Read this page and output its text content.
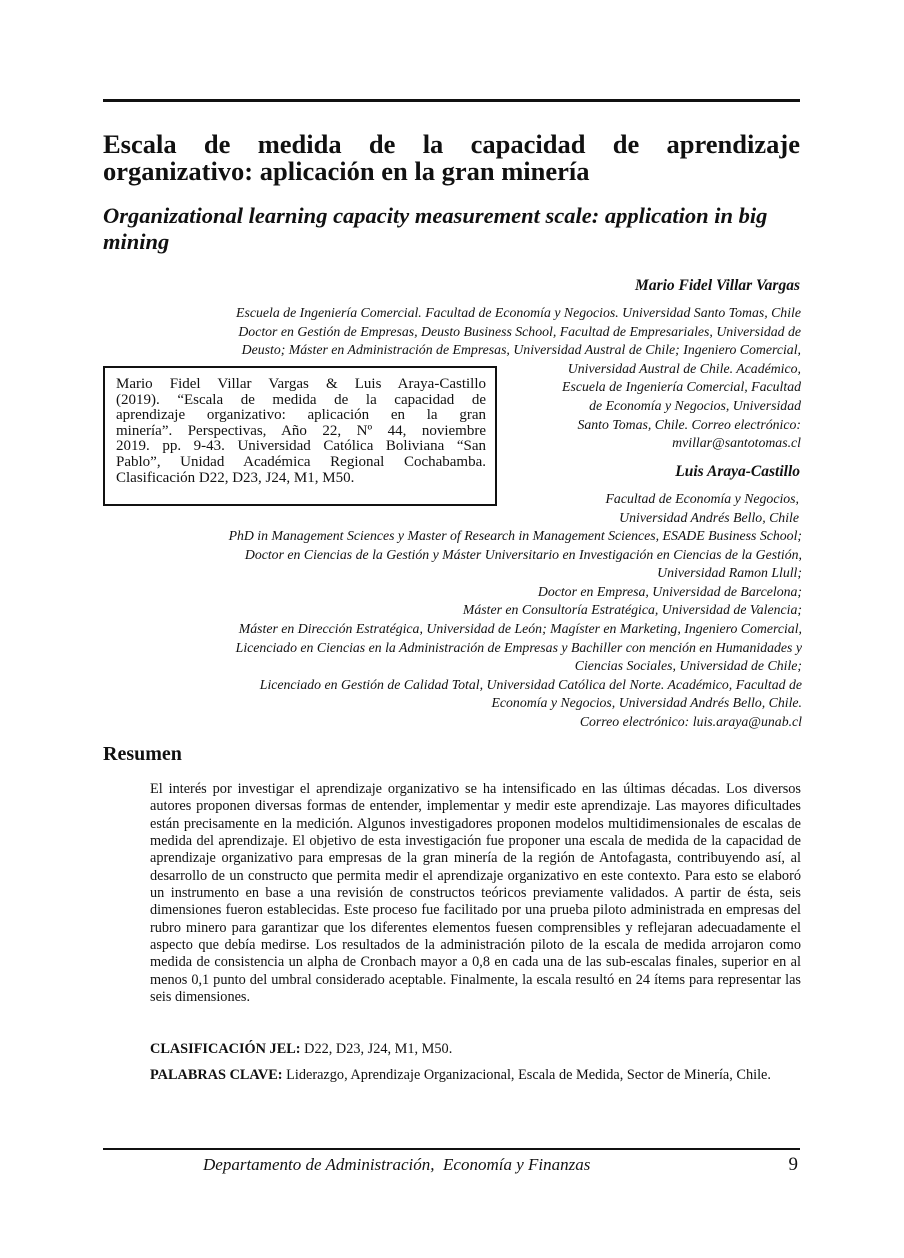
Escala de medida de la capacidad de aprendizaje organizativo: aplicación en la gran minería
Organizational learning capacity measurement scale: application in big mining
Mario Fidel Villar Vargas
Escuela de Ingeniería Comercial. Facultad de Economía y Negocios. Universidad Santo Tomas, Chile
Doctor en Gestión de Empresas, Deusto Business School, Facultad de Empresariales, Universidad de
Deusto; Máster en Administración de Empresas, Universidad Austral de Chile; Ingeniero Comercial,
Universidad Austral de Chile. Académico,
Escuela de Ingeniería Comercial, Facultad
de Economía y Negocios, Universidad
Santo Tomas, Chile. Correo electrónico:
mvillar@santotomas.cl
Mario Fidel Villar Vargas & Luis Araya-Castillo
(2019). “Escala de medida de la capacidad de
aprendizaje organizativo: aplicación en la gran
minería”. Perspectivas, Año 22, Nº 44, noviembre
2019. pp. 9-43. Universidad Católica Boliviana “San
Pablo”, Unidad Académica Regional Cochabamba.
Clasificación D22, D23, J24, M1, M50.	Luis Araya-Castillo
Facultad de Economía y Negocios,
Universidad Andrés Bello, Chile
PhD in Management Sciences y Master of Research in Management Sciences, ESADE Business School;
Doctor en Ciencias de la Gestión y Máster Universitario en Investigación en Ciencias de la Gestión,
Universidad Ramon Llull;
Doctor en Empresa, Universidad de Barcelona;
Máster en Consultoría Estratégica, Universidad de Valencia;
Máster en Dirección Estratégica, Universidad de León; Magíster en Marketing, Ingeniero Comercial,
Licenciado en Ciencias en la Administración de Empresas y Bachiller con mención en Humanidades y
Ciencias Sociales, Universidad de Chile;
Licenciado en Gestión de Calidad Total, Universidad Católica del Norte. Académico, Facultad de
Economía y Negocios, Universidad Andrés Bello, Chile.
Correo electrónico: luis.araya@unab.cl
Resumen

El interés por investigar el aprendizaje organizativo se ha intensificado en las últimas décadas. Los diversos autores proponen diversas formas de entender, implementar y medir este aprendizaje. Las mayores dificultades están precisamente en la medición. Algunos investigadores proponen modelos multidimensionales de escalas de medida del aprendizaje. El objetivo de esta investigación fue proponer una escala de medida de la capacidad de aprendizaje organizativo para empresas de la gran minería de la región de Antofagasta, contribuyendo así, al desarrollo de un constructo que permita medir el aprendizaje organizativo en este contexto. Para esto se elaboró un instrumento en base a una revisión de constructos teóricos previamente validados. A partir de ésta, seis dimensiones fueron establecidas. Este proceso fue facilitado por una prueba piloto administrada en empresas del rubro minero para garantizar que los diferentes elementos fuesen comprensibles y reflejaran adecuadamente el aspecto que debía medirse. Los resultados de la administración piloto de la escala de medida arrojaron como medida de consistencia un alpha de Cronbach mayor a 0,8 en cada una de las sub-escalas finales, superior en al menos 0,1 punto del umbral considerado aceptable. Finalmente, la escala resultó en 24 ítems para representar las seis dimensiones.

CLASIFICACIÓN JEL: D22, D23, J24, M1, M50.
PALABRAS CLAVE: Liderazgo, Aprendizaje Organizacional, Escala de Medida, Sector de Minería, Chile.
Departamento de Administración,  Economía y Finanzas	9
